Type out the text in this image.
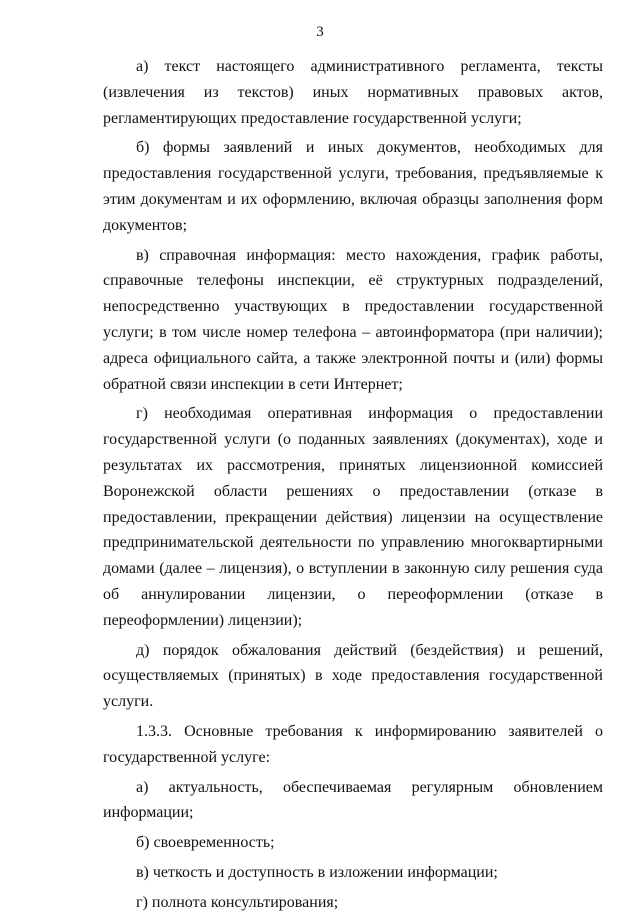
3

а) текст настоящего административного регламента, тексты (извлечения из текстов) иных нормативных правовых актов, регламентирующих предоставление государственной услуги;

б) формы заявлений и иных документов, необходимых для предоставления государственной услуги, требования, предъявляемые к этим документам и их оформлению, включая образцы заполнения форм документов;

в) справочная информация: место нахождения, график работы, справочные телефоны инспекции, её структурных подразделений, непосредственно участвующих в предоставлении государственной услуги; в том числе номер телефона – автоинформатора (при наличии); адреса официального сайта, а также электронной почты и (или) формы обратной связи инспекции в сети Интернет;

г) необходимая оперативная информация о предоставлении государственной услуги (о поданных заявлениях (документах), ходе и результатах их рассмотрения, принятых лицензионной комиссией Воронежской области решениях о предоставлении (отказе в предоставлении, прекращении действия) лицензии на осуществление предпринимательской деятельности по управлению многоквартирными домами (далее – лицензия), о вступлении в законную силу решения суда об аннулировании лицензии, о переоформлении (отказе в переоформлении) лицензии);

д) порядок обжалования действий (бездействия) и решений, осуществляемых (принятых) в ходе предоставления государственной услуги.

1.3.3. Основные требования к информированию заявителей о государственной услуге:

а) актуальность, обеспечиваемая регулярным обновлением информации;

б) своевременность;

в) четкость и доступность в изложении информации;

г) полнота консультирования;
